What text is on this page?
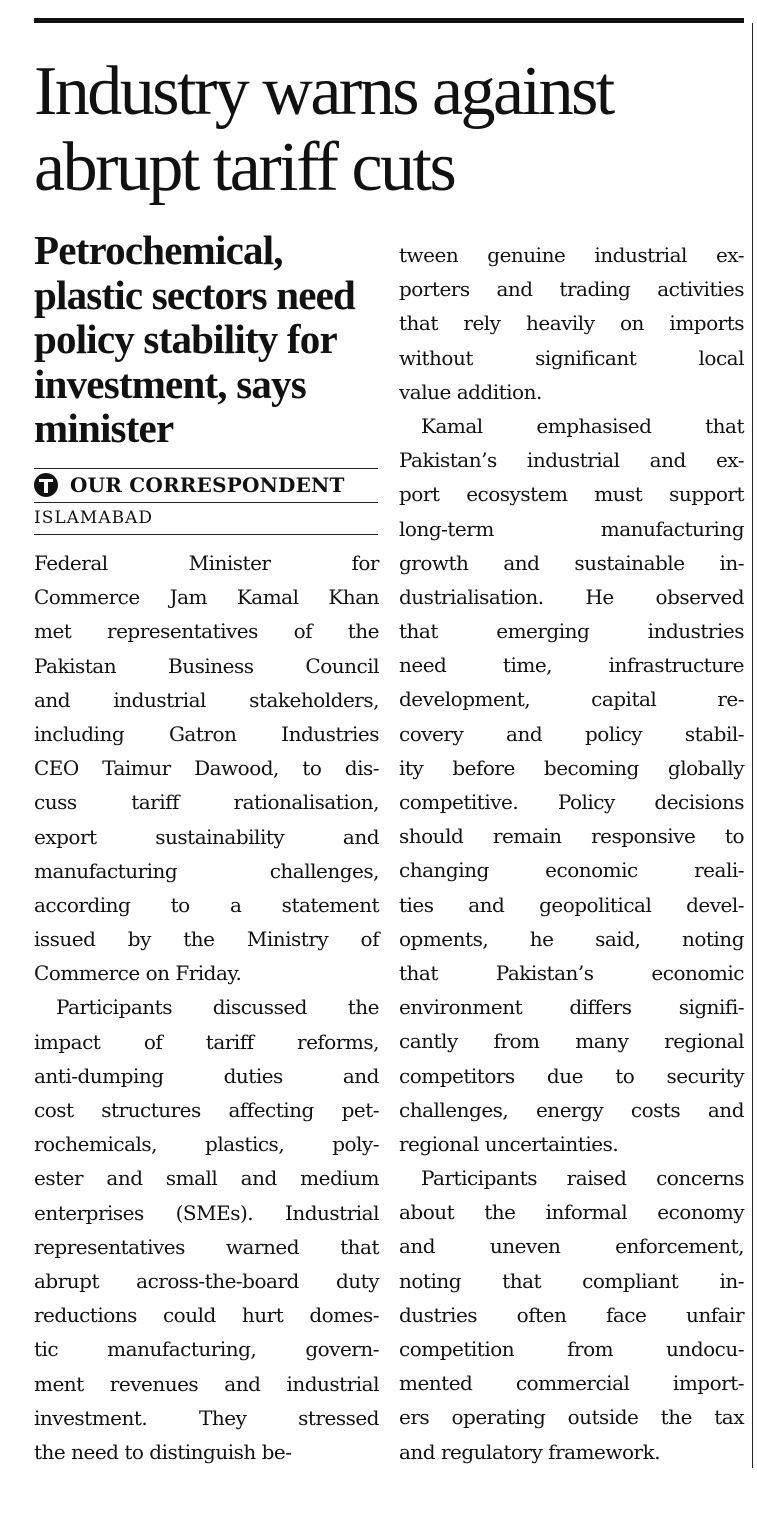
Industry warns against
abrupt tariff cuts
Petrochemical,
plastic sectors need
policy stability for
investment, says
minister
OUR CORRESPONDENT
ISLAMABAD
Federal Minister for
Commerce Jam Kamal Khan
met representatives of the
Pakistan Business Council
and industrial stakeholders,
including Gatron Industries
CEO Taimur Dawood, to dis-
cuss tariff rationalisation,
export sustainability and
manufacturing challenges,
according to a statement
issued by the Ministry of
Commerce on Friday.
Participants discussed the
impact of tariff reforms,
anti-dumping duties and
cost structures affecting pet-
rochemicals, plastics, poly-
ester and small and medium
enterprises (SMEs). Industrial
representatives warned that
abrupt across-the-board duty
reductions could hurt domes-
tic manufacturing, govern-
ment revenues and industrial
investment. They stressed
the need to distinguish be-
tween genuine industrial ex-
porters and trading activities
that rely heavily on imports
without significant local
value addition.
Kamal emphasised that
Pakistan’s industrial and ex-
port ecosystem must support
long-term manufacturing
growth and sustainable in-
dustrialisation. He observed
that emerging industries
need time, infrastructure
development, capital re-
covery and policy stabil-
ity before becoming globally
competitive. Policy decisions
should remain responsive to
changing economic reali-
ties and geopolitical devel-
opments, he said, noting
that Pakistan’s economic
environment differs signifi-
cantly from many regional
competitors due to security
challenges, energy costs and
regional uncertainties.
Participants raised concerns
about the informal economy
and uneven enforcement,
noting that compliant in-
dustries often face unfair
competition from undocu-
mented commercial import-
ers operating outside the tax
and regulatory framework.
